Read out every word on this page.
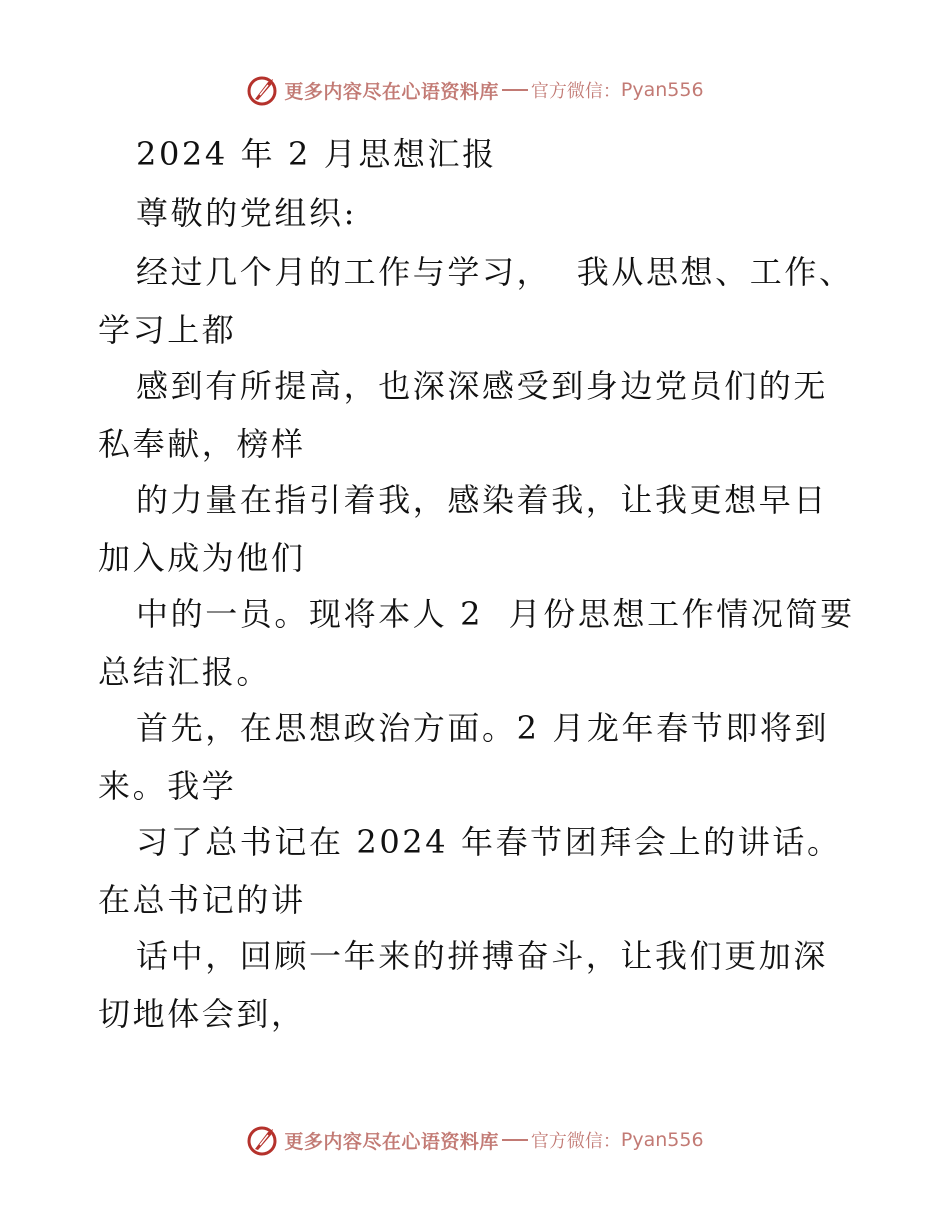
更多内容尽在心语资料库 官方微信： Pyan556
2024 年 2 月思想汇报
尊敬的党组织:
经过几个月的工作与学习，  我从思想、工作、学习上都
感到有所提高，也深深感受到身边党员们的无私奉献，榜样
的力量在指引着我，感染着我，让我更想早日加入成为他们
中的一员。现将本人 2  月份思想工作情况简要总结汇报。
首先，在思想政治方面。2 月龙年春节即将到来。我学
习了总书记在 2024 年春节团拜会上的讲话。在总书记的讲
话中，回顾一年来的拼搏奋斗，让我们更加深切地体会到，
更多内容尽在心语资料库 官方微信： Pyan556
